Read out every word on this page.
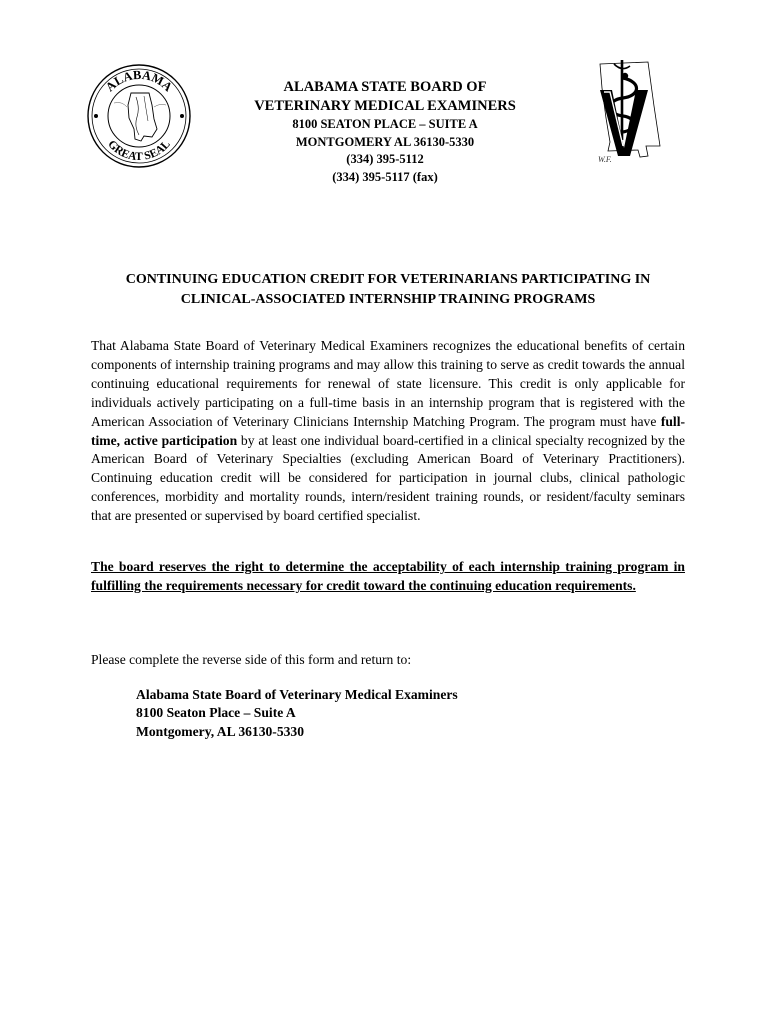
ALABAMA
GREAT SEAL
ALABAMA STATE BOARD OF
VETERINARY MEDICAL EXAMINERS
8100 SEATON PLACE – SUITE A
MONTGOMERY AL 36130-5330
(334) 395-5112
(334) 395-5117 (fax)
W.F.
CONTINUING EDUCATION CREDIT FOR VETERINARIANS PARTICIPATING IN
CLINICAL-ASSOCIATED INTERNSHIP TRAINING PROGRAMS

That Alabama State Board of Veterinary Medical Examiners recognizes the educational benefits of certain components of internship training programs and may allow this training to serve as credit towards the annual continuing educational requirements for renewal of state licensure. This credit is only applicable for individuals actively participating on a full-time basis in an internship program that is registered with the American Association of Veterinary Clinicians Internship Matching Program. The program must have full-time, active participation by at least one individual board-certified in a clinical specialty recognized by the American Board of Veterinary Specialties (excluding American Board of Veterinary Practitioners). Continuing education credit will be considered for participation in journal clubs, clinical pathologic conferences, morbidity and mortality rounds, intern/resident training rounds, or resident/faculty seminars that are presented or supervised by board certified specialist.

The board reserves the right to determine the acceptability of each internship training program in fulfilling the requirements necessary for credit toward the continuing education requirements.

Please complete the reverse side of this form and return to:
Alabama State Board of Veterinary Medical Examiners
8100 Seaton Place – Suite A
Montgomery, AL 36130-5330
